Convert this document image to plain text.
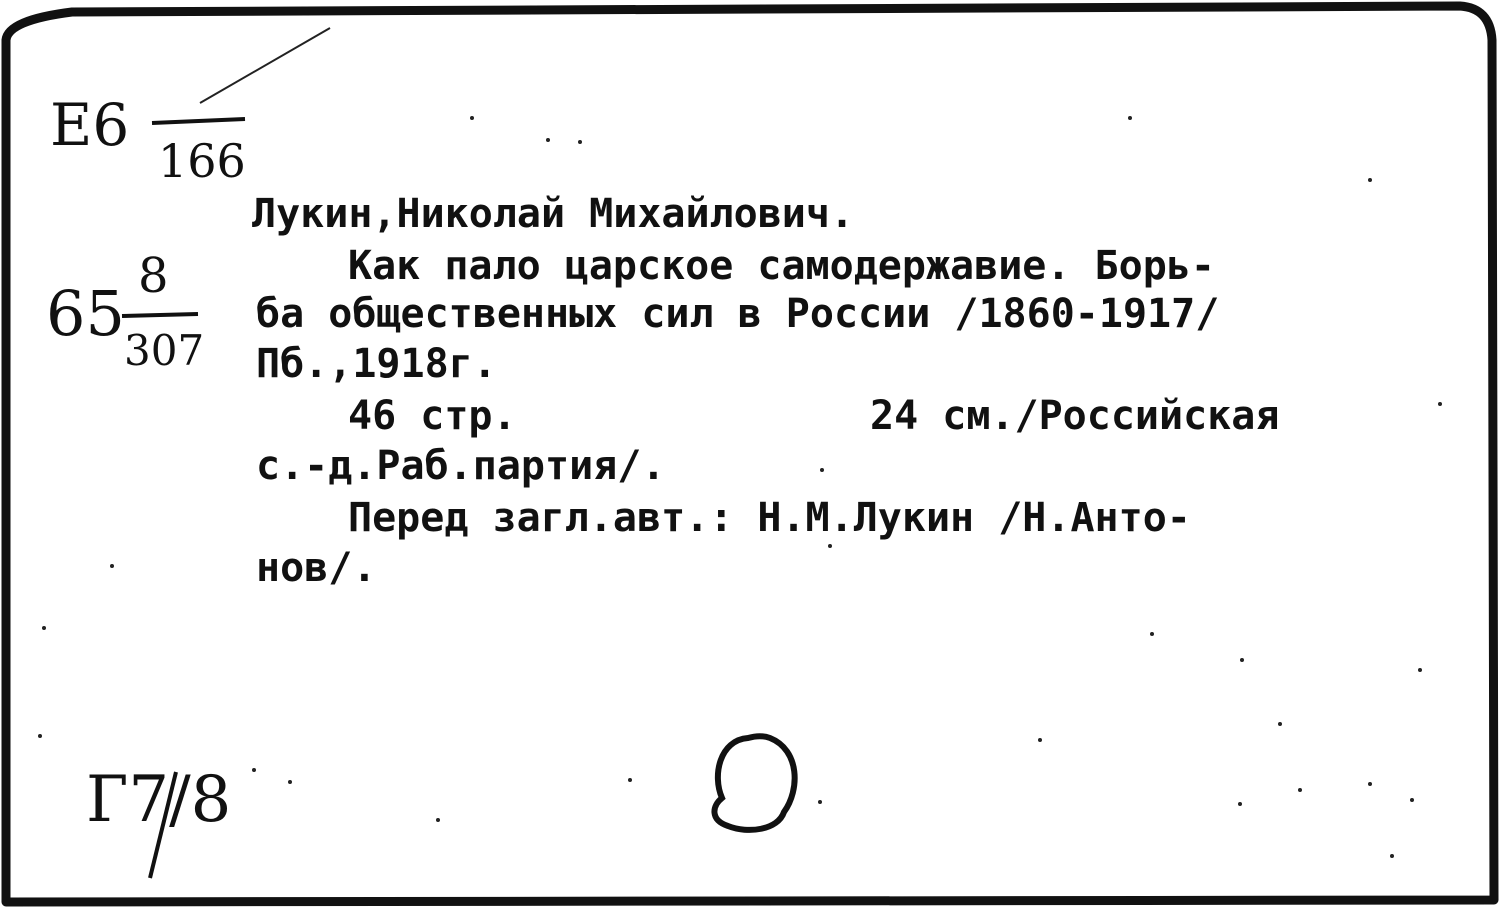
Е6
166
65
8
307
Г7/8
Лукин,Николай Михайлович.
Как пало царское самодержавие. Борь-
ба общественных сил в России /1860-1917/
Пб.,1918г.
46 стр.	24 см./Российская
с.-д.Раб.партия/.
Перед загл.авт.: Н.М.Лукин /Н.Анто-
нов/.
